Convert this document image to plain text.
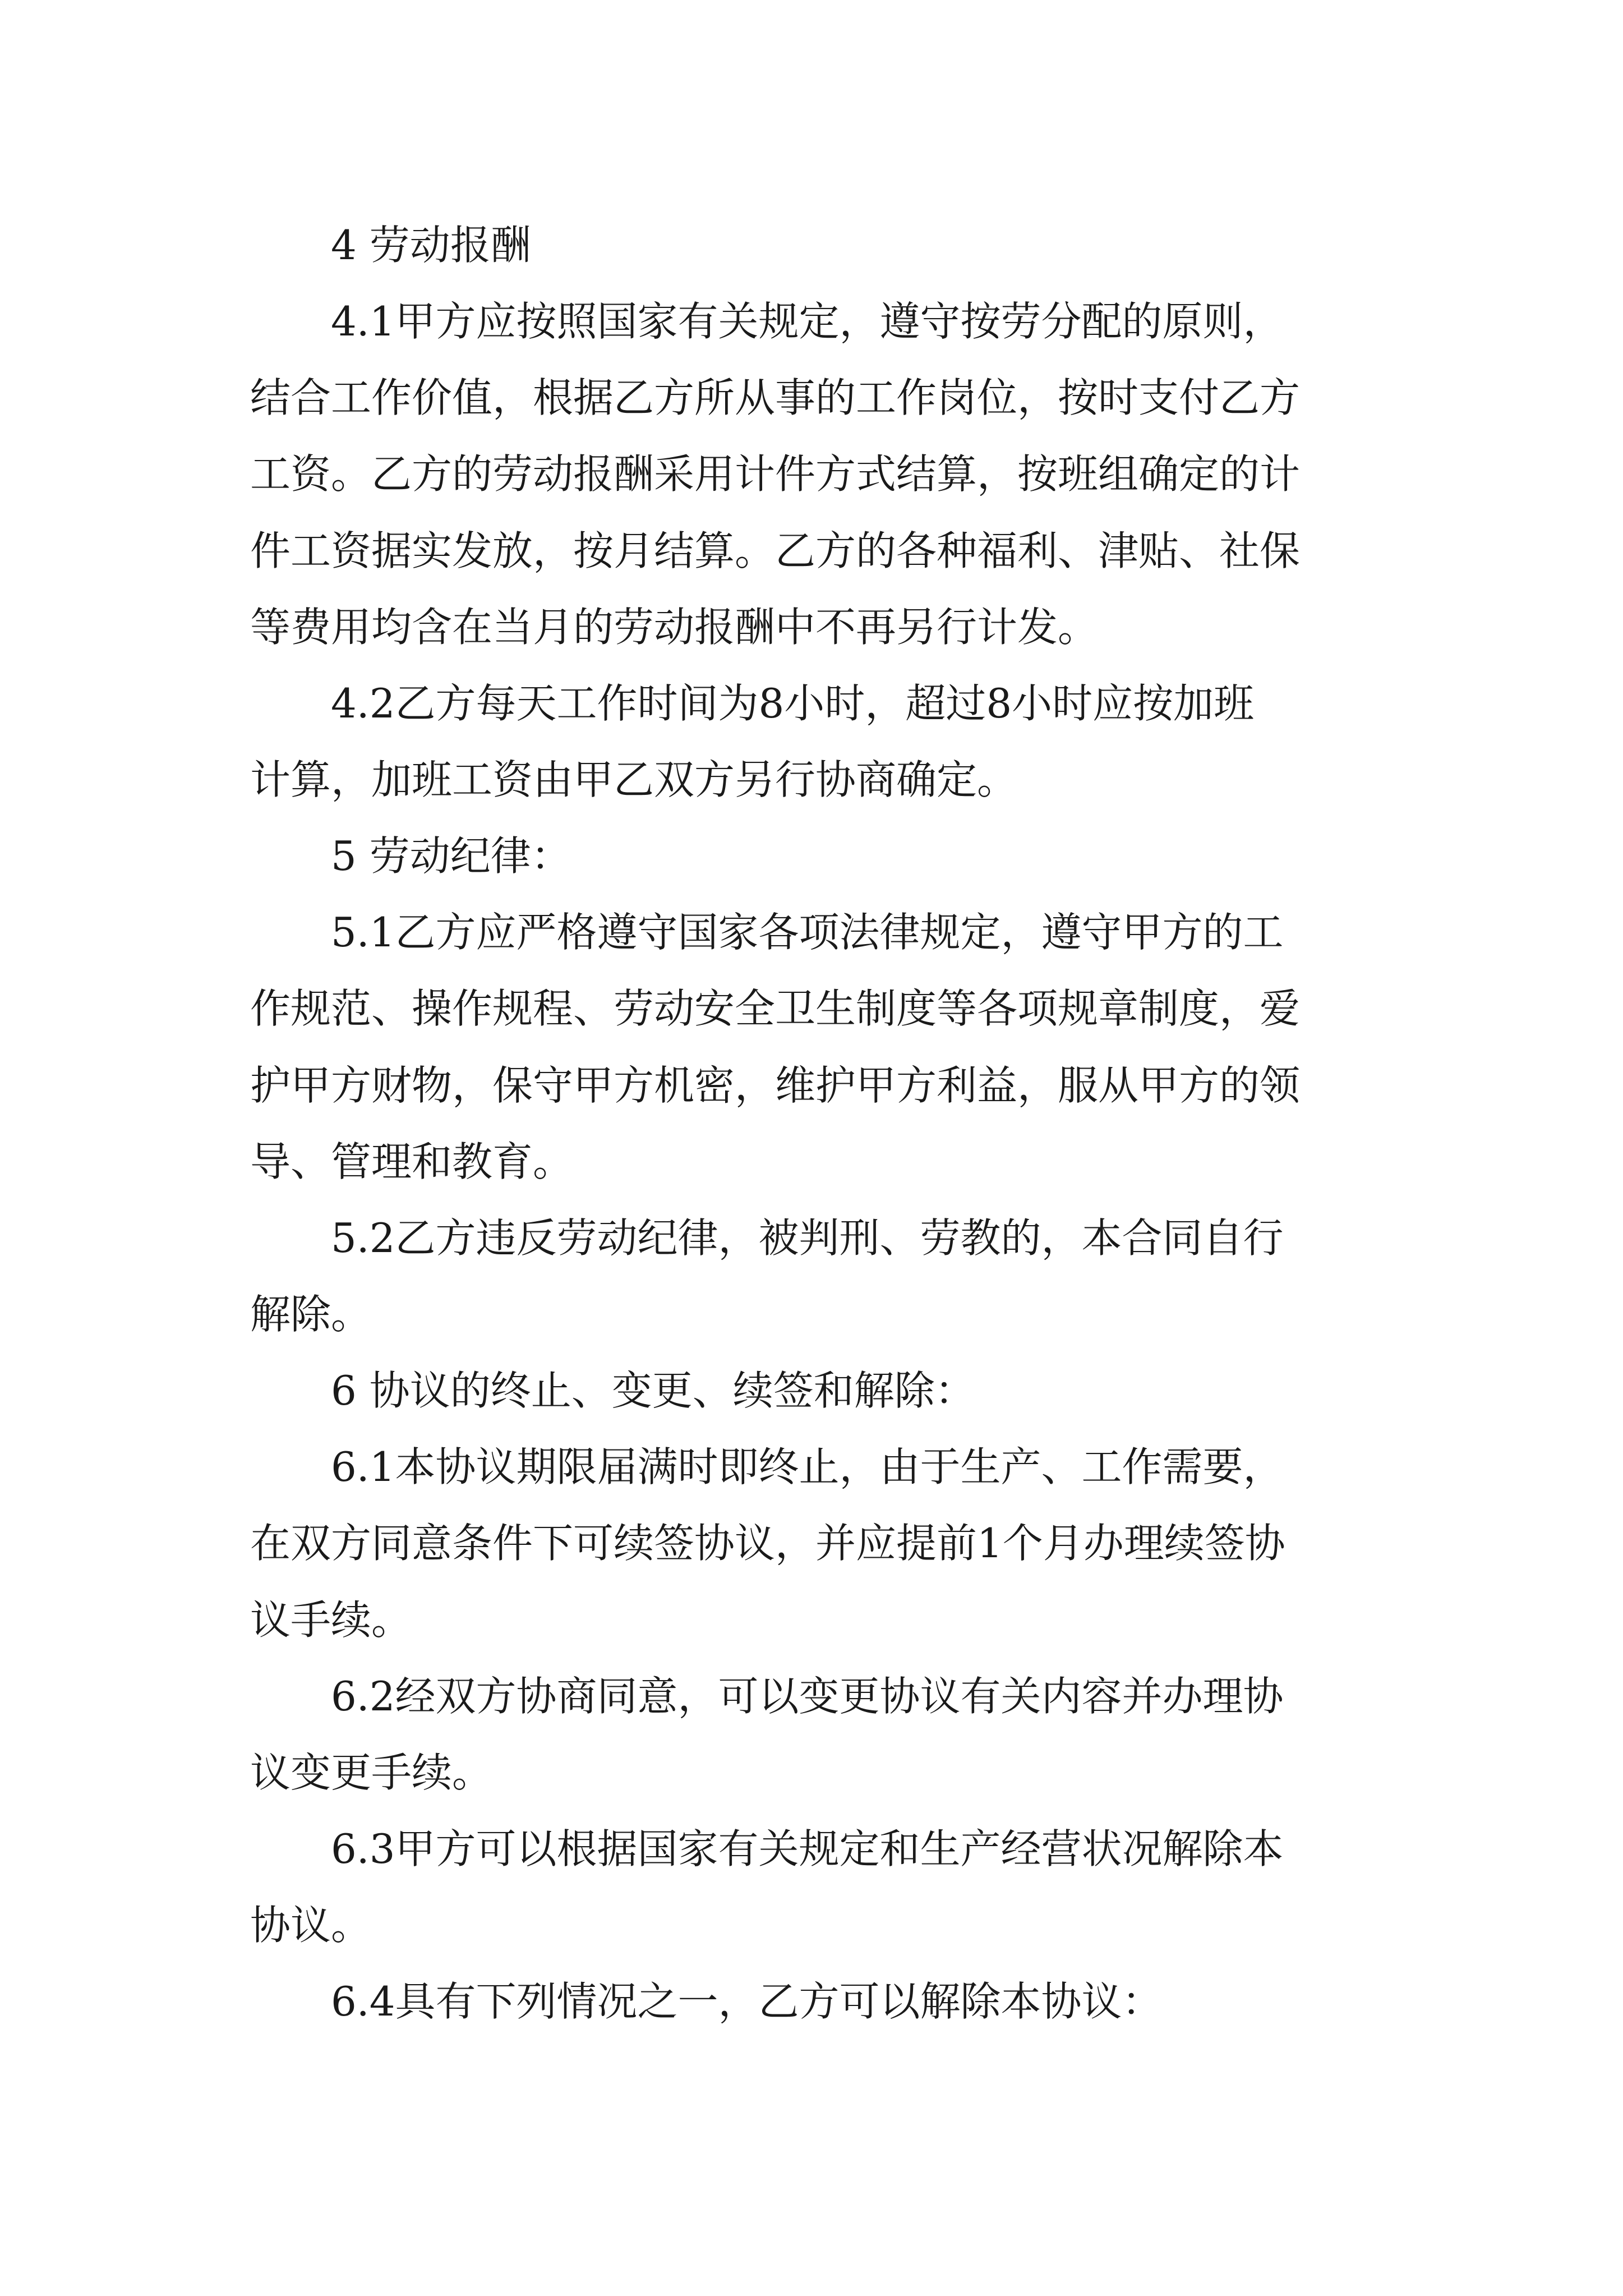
4 劳动报酬

4.1甲方应按照国家有关规定，遵守按劳分配的原则，

结合工作价值，根据乙方所从事的工作岗位，按时支付乙方

工资。乙方的劳动报酬采用计件方式结算，按班组确定的计

件工资据实发放，按月结算。乙方的各种福利、津贴、社保

等费用均含在当月的劳动报酬中不再另行计发。

4.2乙方每天工作时间为8小时，超过8小时应按加班

计算，加班工资由甲乙双方另行协商确定。

5 劳动纪律：

5.1乙方应严格遵守国家各项法律规定，遵守甲方的工

作规范、操作规程、劳动安全卫生制度等各项规章制度，爱

护甲方财物，保守甲方机密，维护甲方利益，服从甲方的领

导、管理和教育。

5.2乙方违反劳动纪律，被判刑、劳教的，本合同自行

解除。

6 协议的终止、变更、续签和解除：

6.1本协议期限届满时即终止，由于生产、工作需要，

在双方同意条件下可续签协议，并应提前1个月办理续签协

议手续。

6.2经双方协商同意，可以变更协议有关内容并办理协

议变更手续。

6.3甲方可以根据国家有关规定和生产经营状况解除本

协议。

6.4具有下列情况之一，乙方可以解除本协议：
